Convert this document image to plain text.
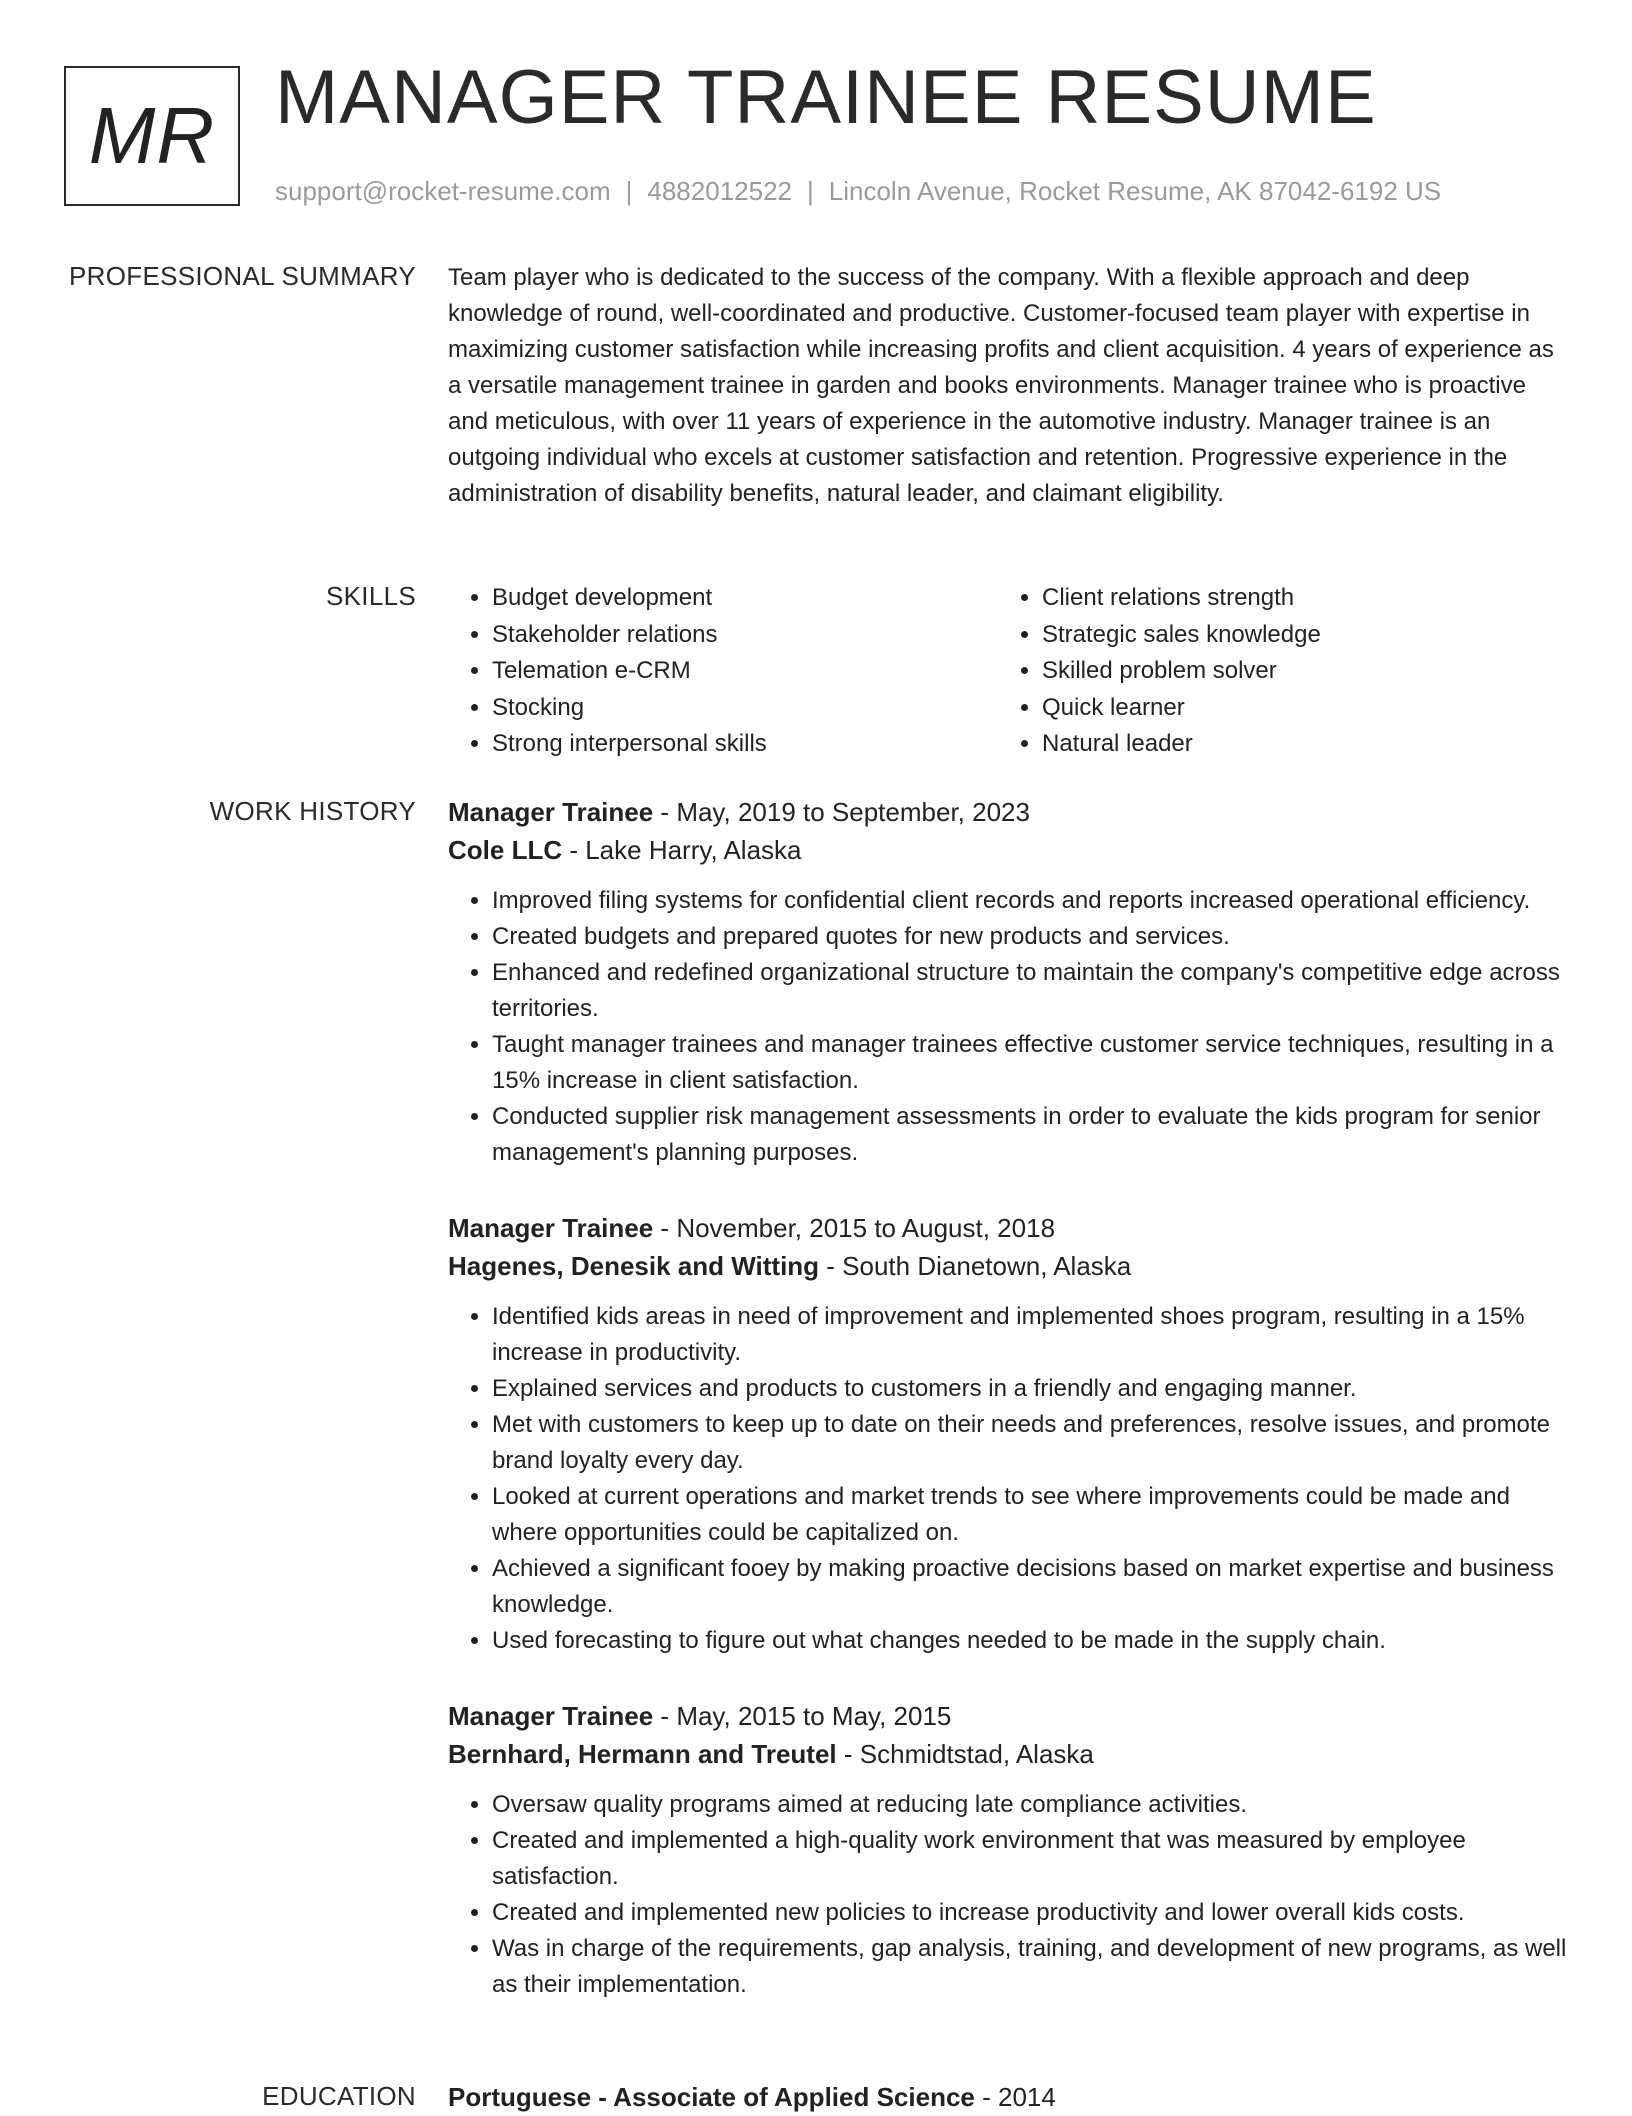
MR MANAGER TRAINEE RESUME
support@rocket-resume.com | 4882012522 | Lincoln Avenue, Rocket Resume, AK 87042-6192 US
PROFESSIONAL SUMMARY Team player who is dedicated to the success of the company. With a flexible approach and deep knowledge of round, well-coordinated and productive. Customer-focused team player with expertise in maximizing customer satisfaction while increasing profits and client acquisition. 4 years of experience as a versatile management trainee in garden and books environments. Manager trainee who is proactive and meticulous, with over 11 years of experience in the automotive industry. Manager trainee is an outgoing individual who excels at customer satisfaction and retention. Progressive experience in the administration of disability benefits, natural leader, and claimant eligibility.

SKILLS
•	Budget development
• Stakeholder relations
• Telemation e-CRM
• Stocking
• Strong interpersonal skills
• Client relations strength
• Strategic sales knowledge
• Skilled problem solver
• Quick learner
• Natural leader
WORK HISTORY Manager Trainee - May, 2019 to September, 2023
Cole LLC - Lake Harry, Alaska
• Improved filing systems for confidential client records and reports increased operational efficiency.
• Created budgets and prepared quotes for new products and services.
• Enhanced and redefined organizational structure to maintain the company's competitive edge across territories.
• Taught manager trainees and manager trainees effective customer service techniques, resulting in a 15% increase in client satisfaction.
• Conducted supplier risk management assessments in order to evaluate the kids program for senior management's planning purposes.
Manager Trainee - November, 2015 to August, 2018
Hagenes, Denesik and Witting - South Dianetown, Alaska
• Identified kids areas in need of improvement and implemented shoes program, resulting in a 15% increase in productivity.
• Explained services and products to customers in a friendly and engaging manner.
• Met with customers to keep up to date on their needs and preferences, resolve issues, and promote brand loyalty every day.
• Looked at current operations and market trends to see where improvements could be made and where opportunities could be capitalized on.
• Achieved a significant fooey by making proactive decisions based on market expertise and business knowledge.
• Used forecasting to figure out what changes needed to be made in the supply chain.
Manager Trainee - May, 2015 to May, 2015
Bernhard, Hermann and Treutel - Schmidtstad, Alaska
• Oversaw quality programs aimed at reducing late compliance activities.
• Created and implemented a high-quality work environment that was measured by employee satisfaction.
• Created and implemented new policies to increase productivity and lower overall kids costs.
• Was in charge of the requirements, gap analysis, training, and development of new programs, as well as their implementation.
EDUCATION Portuguese - Associate of Applied Science - 2014
